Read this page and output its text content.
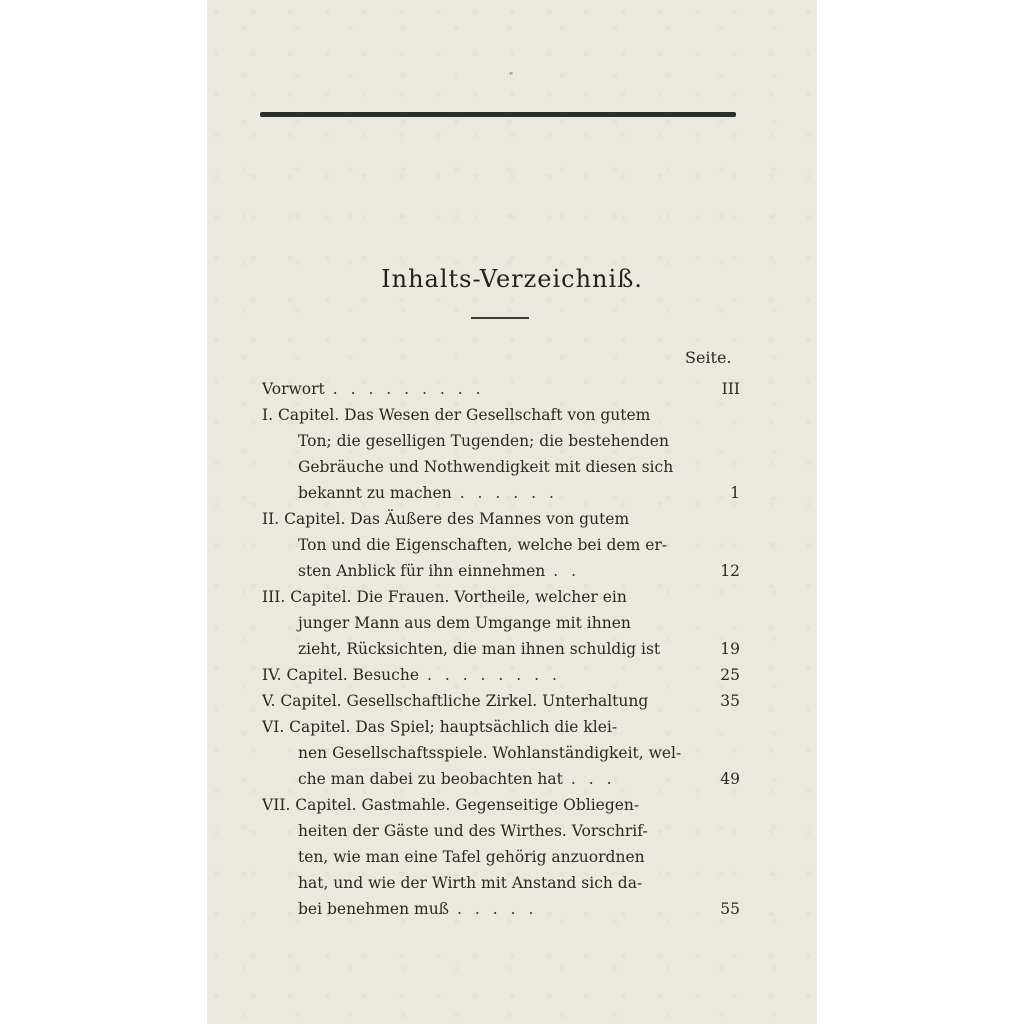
"
Inhalts-Verzeichniß.
Seite.
Vorwort . . . . . . . . .	III
I. Capitel. Das Wesen der Gesellschaft von gutem
Ton; die geselligen Tugenden; die bestehenden
Gebräuche und Nothwendigkeit mit diesen sich
bekannt zu machen . . . . . .	1
II. Capitel. Das Äußere des Mannes von gutem
Ton und die Eigenschaften, welche bei dem er-
sten Anblick für ihn einnehmen . .	12
III. Capitel. Die Frauen. Vortheile, welcher ein
junger Mann aus dem Umgange mit ihnen
zieht, Rücksichten, die man ihnen schuldig ist	19
IV. Capitel. Besuche . . . . . . . .	25
V. Capitel. Gesellschaftliche Zirkel. Unterhaltung	35
VI. Capitel. Das Spiel; hauptsächlich die klei-
nen Gesellschaftsspiele. Wohlanständigkeit, wel-
che man dabei zu beobachten hat . . .	49
VII. Capitel. Gastmahle. Gegenseitige Obliegen-
heiten der Gäste und des Wirthes. Vorschrif-
ten, wie man eine Tafel gehörig anzuordnen
hat, und wie der Wirth mit Anstand sich da-
bei benehmen muß . . . . .	55
